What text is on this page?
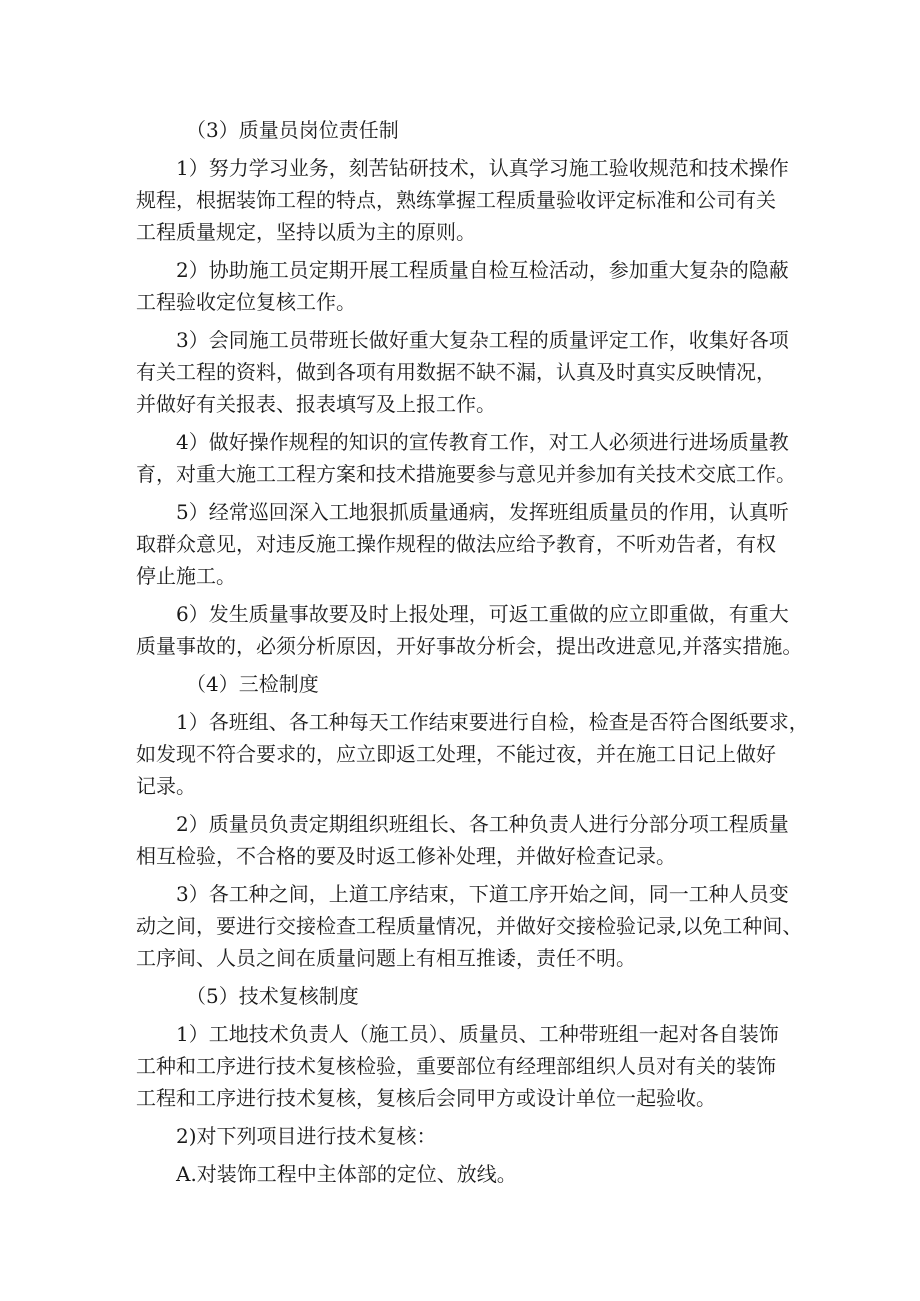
（3）质量员岗位责任制
1）努力学习业务，刻苦钻研技术，认真学习施工验收规范和技术操作
规程，根据装饰工程的特点，熟练掌握工程质量验收评定标准和公司有关
工程质量规定，坚持以质为主的原则。
2）协助施工员定期开展工程质量自检互检活动，参加重大复杂的隐蔽
工程验收定位复核工作。
3）会同施工员带班长做好重大复杂工程的质量评定工作，收集好各项
有关工程的资料，做到各项有用数据不缺不漏，认真及时真实反映情况，
并做好有关报表、报表填写及上报工作。
4）做好操作规程的知识的宣传教育工作，对工人必须进行进场质量教
育，对重大施工工程方案和技术措施要参与意见并参加有关技术交底工作。
5）经常巡回深入工地狠抓质量通病，发挥班组质量员的作用，认真听
取群众意见，对违反施工操作规程的做法应给予教育，不听劝告者，有权
停止施工。
6）发生质量事故要及时上报处理，可返工重做的应立即重做，有重大
质量事故的，必须分析原因，开好事故分析会，提出改进意见,并落实措施。
（4）三检制度
1）各班组、各工种每天工作结束要进行自检，检查是否符合图纸要求，
如发现不符合要求的，应立即返工处理，不能过夜，并在施工日记上做好
记录。
2）质量员负责定期组织班组长、各工种负责人进行分部分项工程质量
相互检验，不合格的要及时返工修补处理，并做好检查记录。
3）各工种之间，上道工序结束，下道工序开始之间，同一工种人员变
动之间，要进行交接检查工程质量情况，并做好交接检验记录,以免工种间、
工序间、人员之间在质量问题上有相互推诿，责任不明。
（5）技术复核制度
1）工地技术负责人（施工员）、质量员、工种带班组一起对各自装饰
工种和工序进行技术复核检验，重要部位有经理部组织人员对有关的装饰
工程和工序进行技术复核，复核后会同甲方或设计单位一起验收。
2)对下列项目进行技术复核：
A.对装饰工程中主体部的定位、放线。
